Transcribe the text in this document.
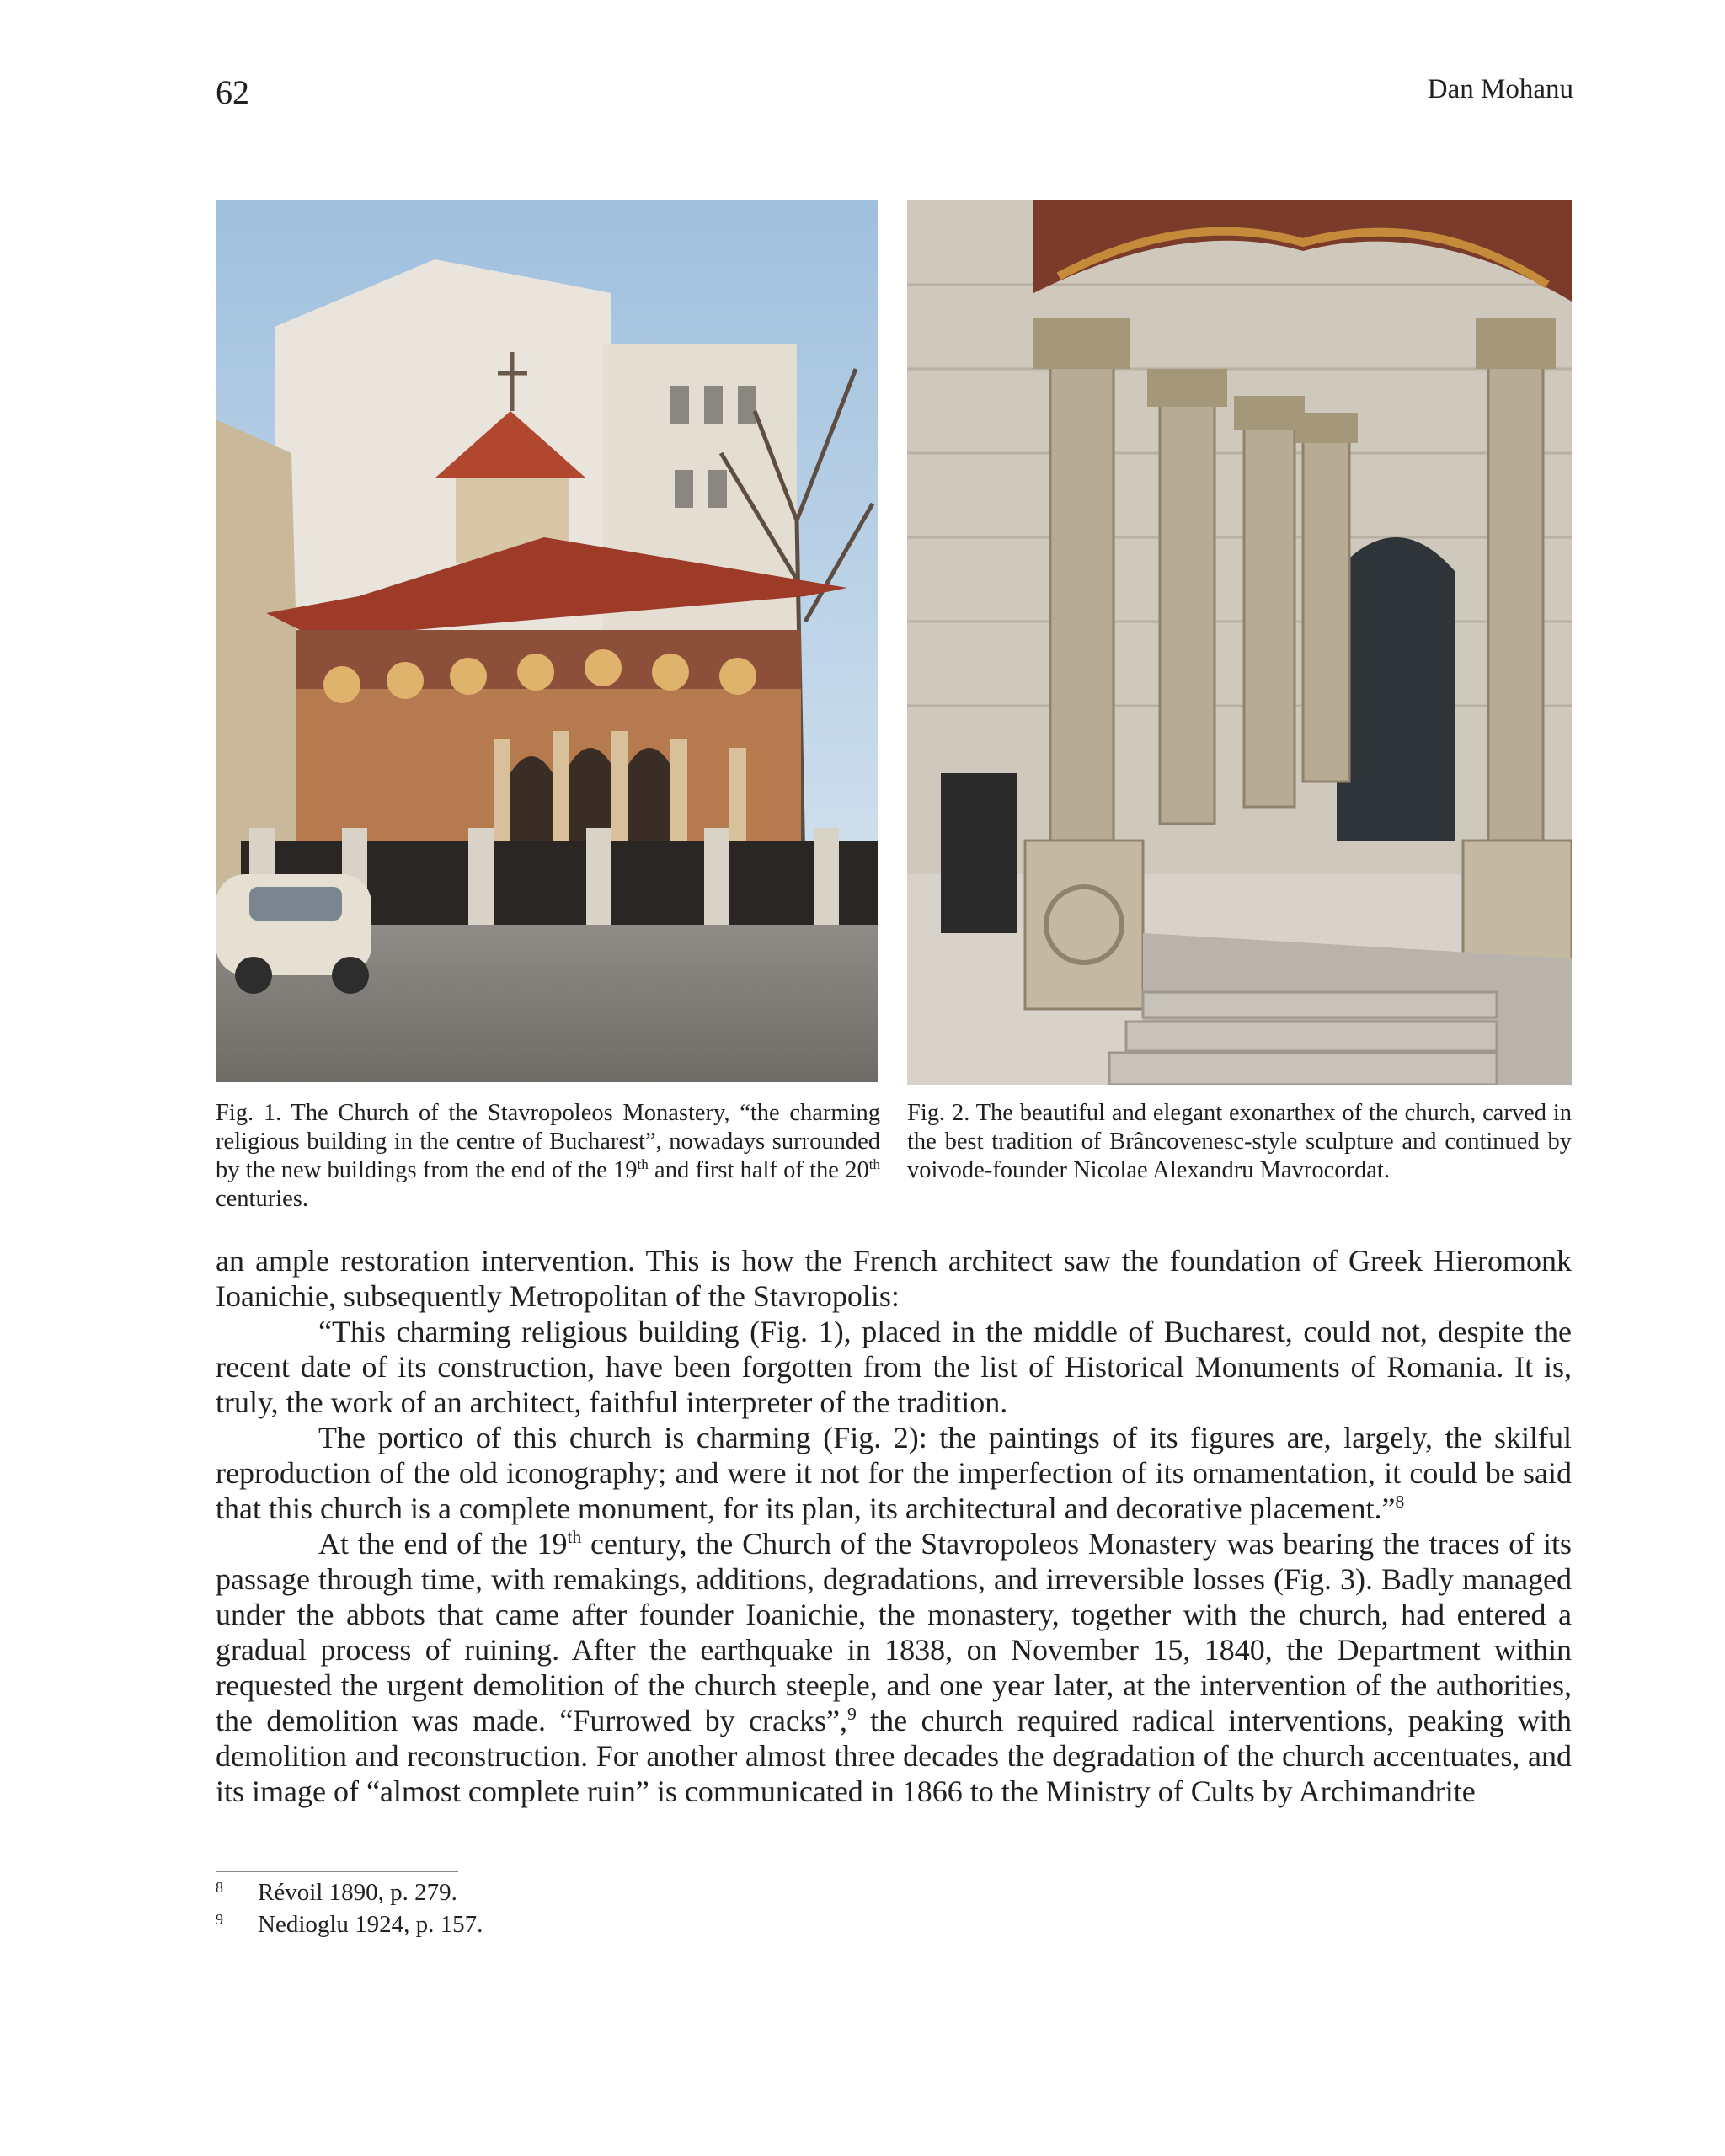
62	Dan Mohanu
Fig. 1. The Church of the Stavropoleos Monastery, “the charming religious building in the centre of Bucharest”, nowadays surrounded by the new buildings from the end of the 19th and first half of the 20th centuries.
Fig. 2. The beautiful and elegant exonarthex of the church, carved in the best tradition of Brâncovenesc-style sculpture and continued by voivode-founder Nicolae Alexandru Mavrocordat.

an ample restoration intervention. This is how the French architect saw the foundation of Greek Hieromonk Ioanichie, subsequently Metropolitan of the Stavropolis:

“This charming religious building (Fig. 1), placed in the middle of Bucharest, could not, despite the recent date of its construction, have been forgotten from the list of Historical Monuments of Romania. It is, truly, the work of an architect, faithful interpreter of the tradition.

The portico of this church is charming (Fig. 2): the paintings of its figures are, largely, the skilful reproduction of the old iconography; and were it not for the imperfection of its ornamentation, it could be said that this church is a complete monument, for its plan, its architectural and decorative placement.”$^8$

At the end of the 19th century, the Church of the Stavropoleos Monastery was bearing the traces of its passage through time, with remakings, additions, degradations, and irreversible losses (Fig. 3). Badly managed under the abbots that came after founder Ioanichie, the monastery, together with the church, had entered a gradual process of ruining. After the earthquake in 1838, on November 15, 1840, the Department within requested the urgent demolition of the church steeple, and one year later, at the intervention of the authorities, the demolition was made. “Furrowed by cracks”,$^9$ the church required radical interventions, peaking with demolition and reconstruction. For another almost three decades the degradation of the church accentuates, and its image of “almost complete ruin” is communicated in 1866 to the Ministry of Cults by Archimandrite

8	Révoil 1890, p. 279.
9	Nedioglu 1924, p. 157.
